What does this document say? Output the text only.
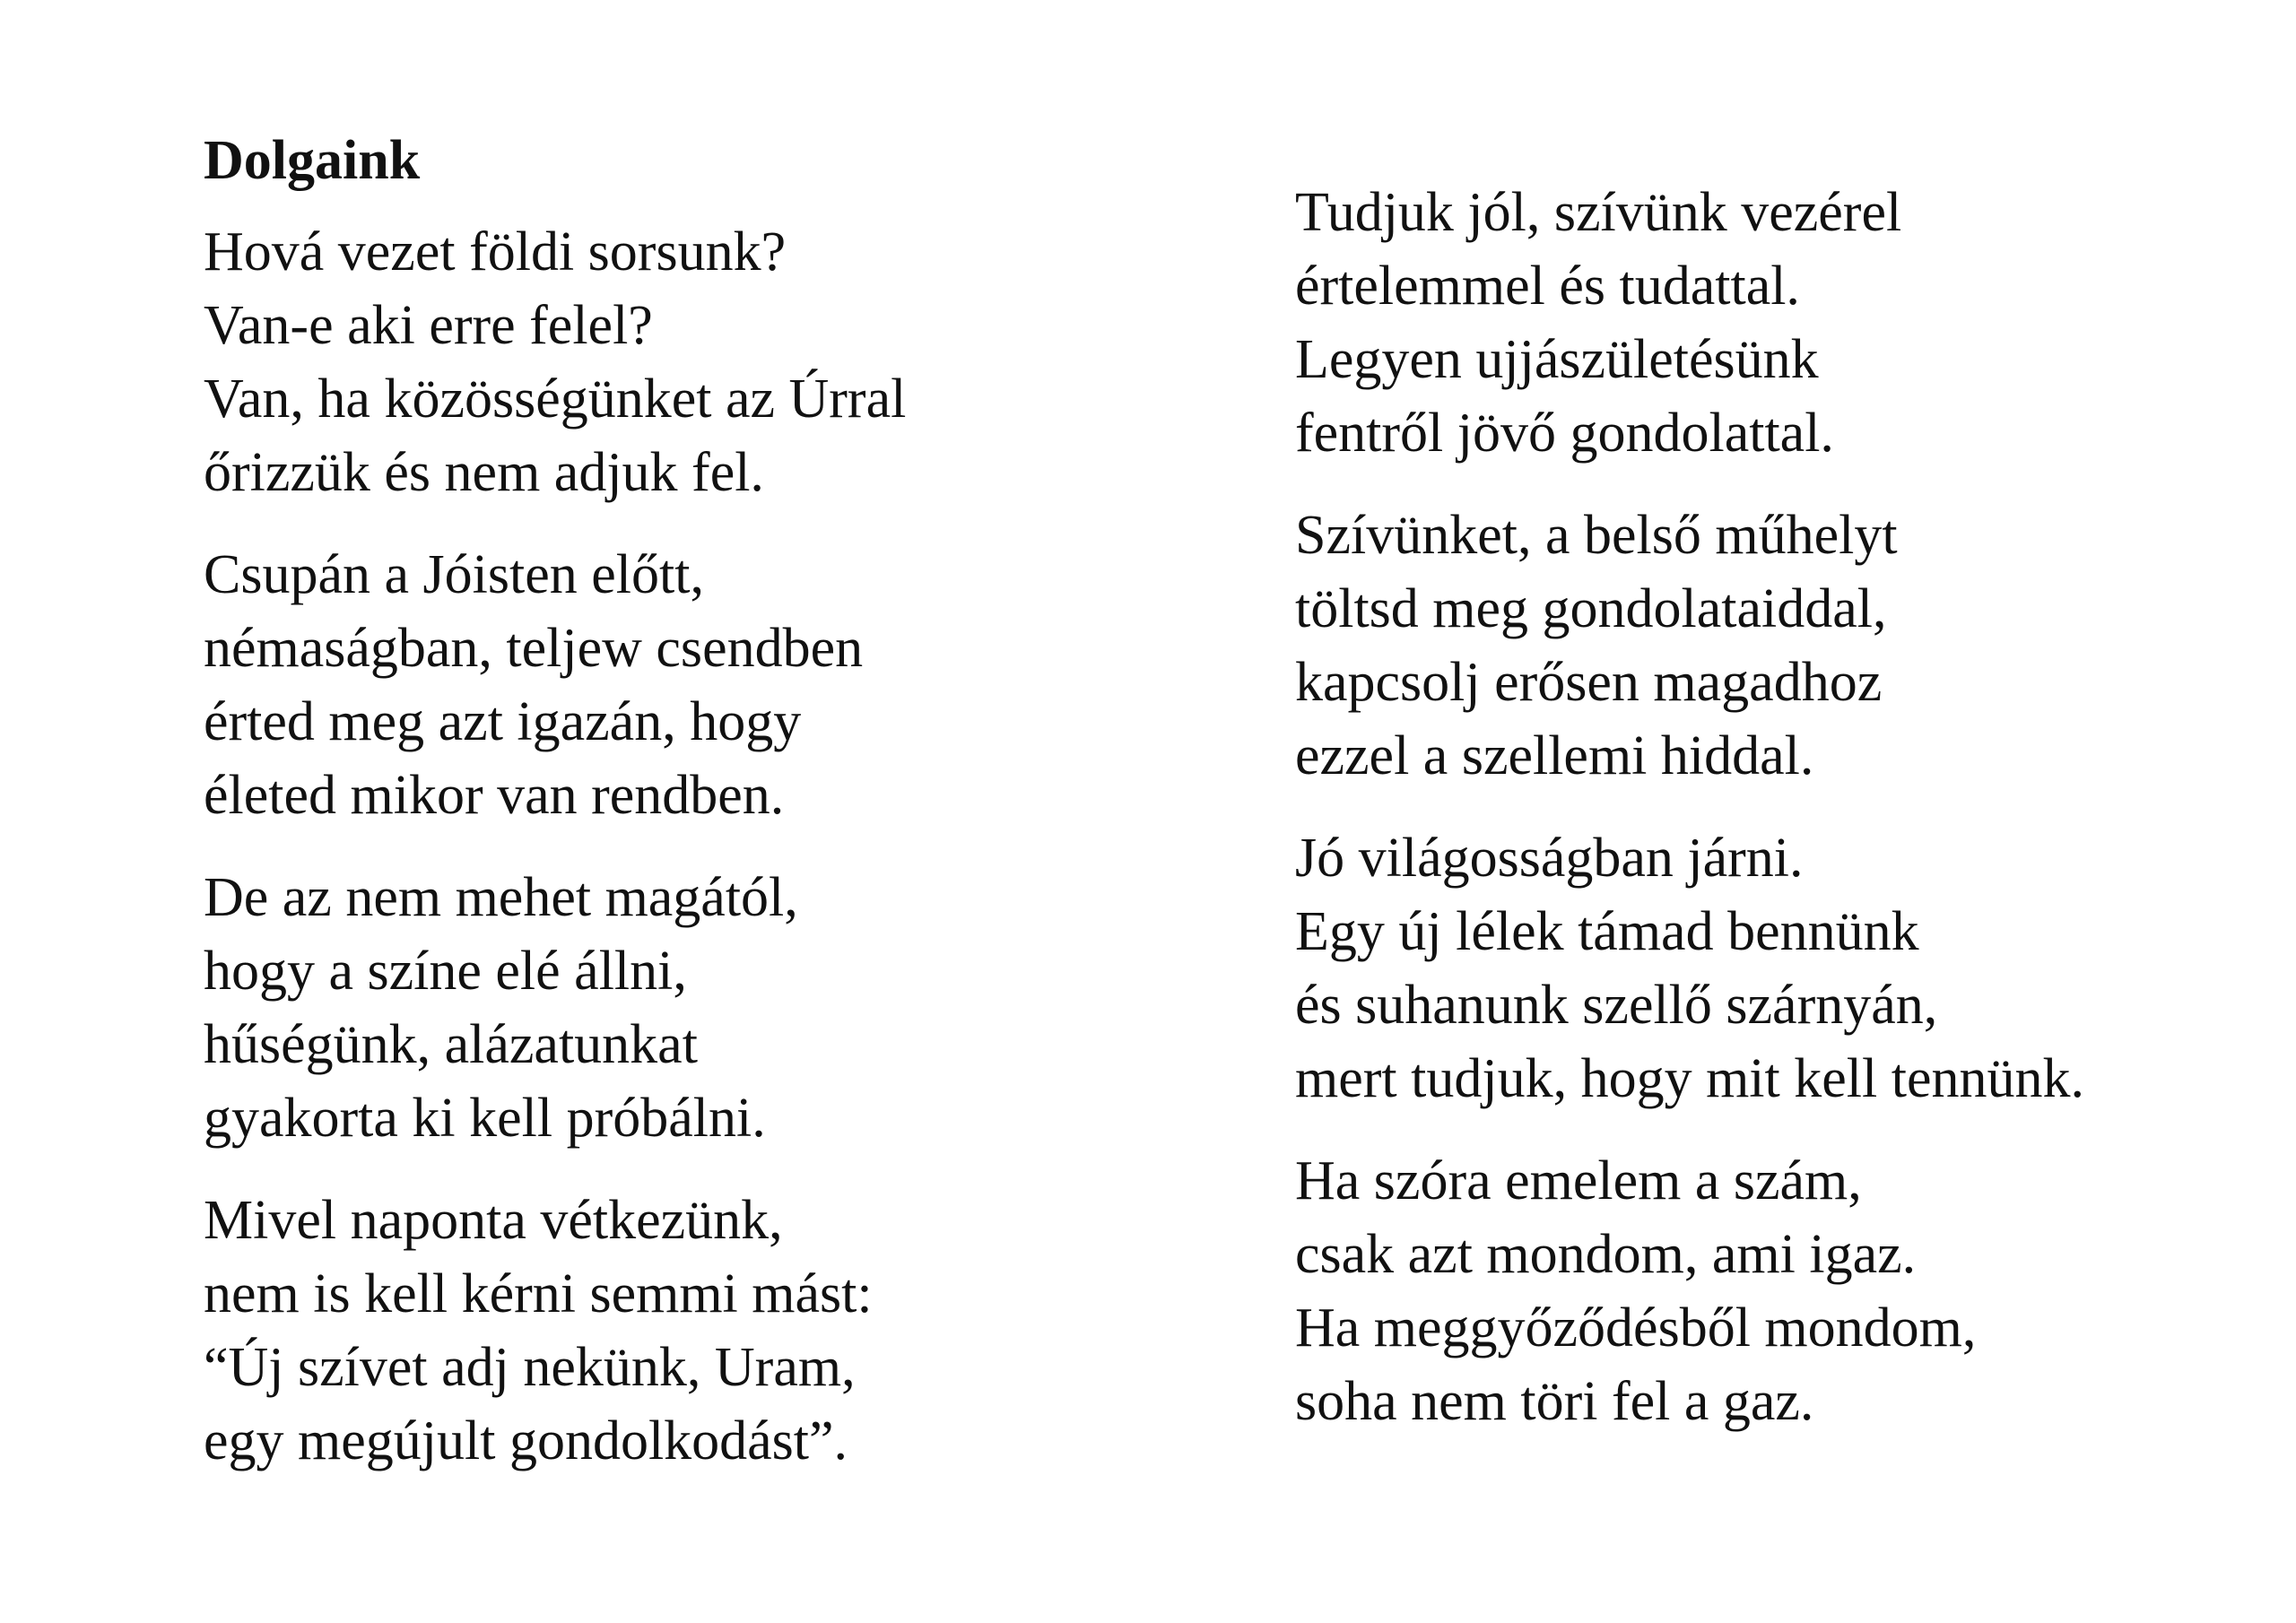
Dolgaink
Hová vezet földi sorsunk?
Van-e aki erre felel?
Van, ha közösségünket az Úrral
őrizzük és nem adjuk fel.
Csupán a Jóisten előtt,
némaságban, teljew csendben
érted meg azt igazán, hogy
életed mikor van rendben.
De az nem mehet magától,
hogy a színe elé állni,
hűségünk, alázatunkat
gyakorta ki kell próbálni.
Mivel naponta vétkezünk,
nem is kell kérni semmi mást:
“Új szívet adj nekünk, Uram,
egy megújult gondolkodást”.
Tudjuk jól, szívünk vezérel
értelemmel és tudattal.
Legyen ujjászületésünk
fentről jövő gondolattal.
Szívünket, a belső műhelyt
töltsd meg gondolataiddal,
kapcsolj erősen magadhoz
ezzel a szellemi hiddal.
Jó világosságban járni.
Egy új lélek támad bennünk
és suhanunk szellő szárnyán,
mert tudjuk, hogy mit kell tennünk.
Ha szóra emelem a szám,
csak azt mondom, ami igaz.
Ha meggyőződésből mondom,
soha nem töri fel a gaz.
